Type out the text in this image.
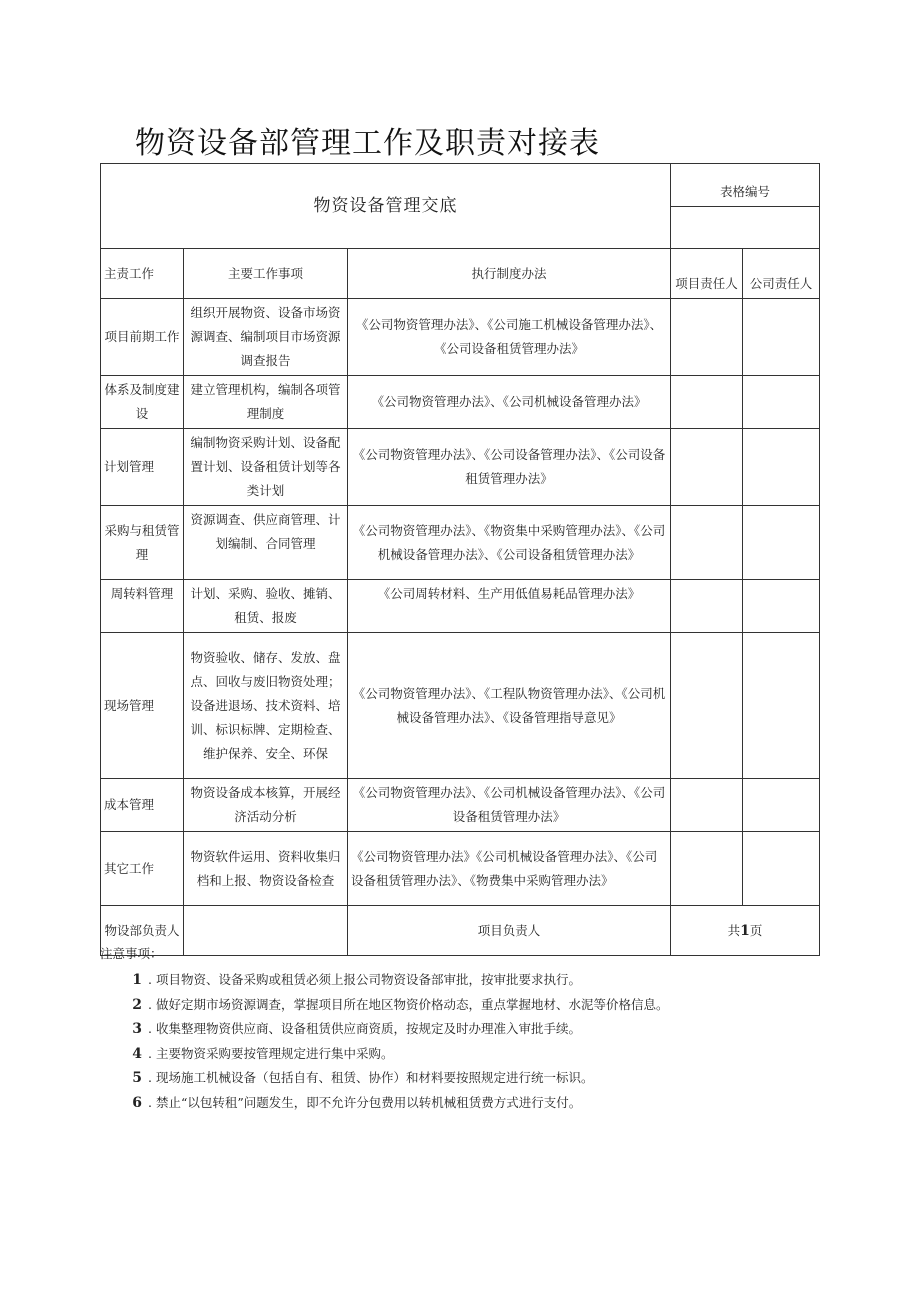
物资设备部管理工作及职责对接表
物资设备管理交底			表格编号	

主责工作	主要工作事项	执行制度办法	项目责任人	公司责任人
项目前期工作	组织开展物资、设备市场资源调查、编制项目市场资源调查报告	《公司物资管理办法》、《公司施工机械设备管理办法》、《公司设备租赁管理办法》		
体系及制度建设	建立管理机构，编制各项管理制度	《公司物资管理办法》、《公司机械设备管理办法》		
计划管理	编制物资采购计划、设备配置计划、设备租赁计划等各类计划	《公司物资管理办法》、《公司设备管理办法》、《公司设备租赁管理办法》		
采购与租赁管理	资源调查、供应商管理、计划编制、合同管理	《公司物资管理办法》、《物资集中采购管理办法》、《公司机械设备管理办法》、《公司设备租赁管理办法》		
周转料管理	计划、采购、验收、摊销、租赁、报废	《公司周转材料、生产用低值易耗品管理办法》		
现场管理	物资验收、储存、发放、盘点、回收与废旧物资处理；设备进退场、技术资料、培训、标识标牌、定期检查、维护保养、安全、环保	《公司物资管理办法》、《工程队物资管理办法》、《公司机械设备管理办法》、《设备管理指导意见》		
成本管理	物资设备成本核算，开展经济活动分析	《公司物资管理办法》、《公司机械设备管理办法》、《公司设备租赁管理办法》		
其它工作	物资软件运用、资料收集归档和上报、物资设备检查	《公司物资管理办法》《公司机械设备管理办法》、《公司设备租赁管理办法》、《物费集中采购管理办法》		
物设部负责人		项目负责人	共1页	
注意事项：
1 . 项目物资、设备采购或租赁必须上报公司物资设备部审批，按审批要求执行。
2 . 做好定期市场资源调查，掌握项目所在地区物资价格动态，重点掌握地材、水泥等价格信息。
3 . 收集整理物资供应商、设备租赁供应商资质，按规定及时办理准入审批手续。
4 . 主要物资采购要按管理规定进行集中采购。
5 . 现场施工机械设备（包括自有、租赁、协作）和材料要按照规定进行统一标识。
6 . 禁止“以包转租”问题发生，即不允许分包费用以转机械租赁费方式进行支付。
